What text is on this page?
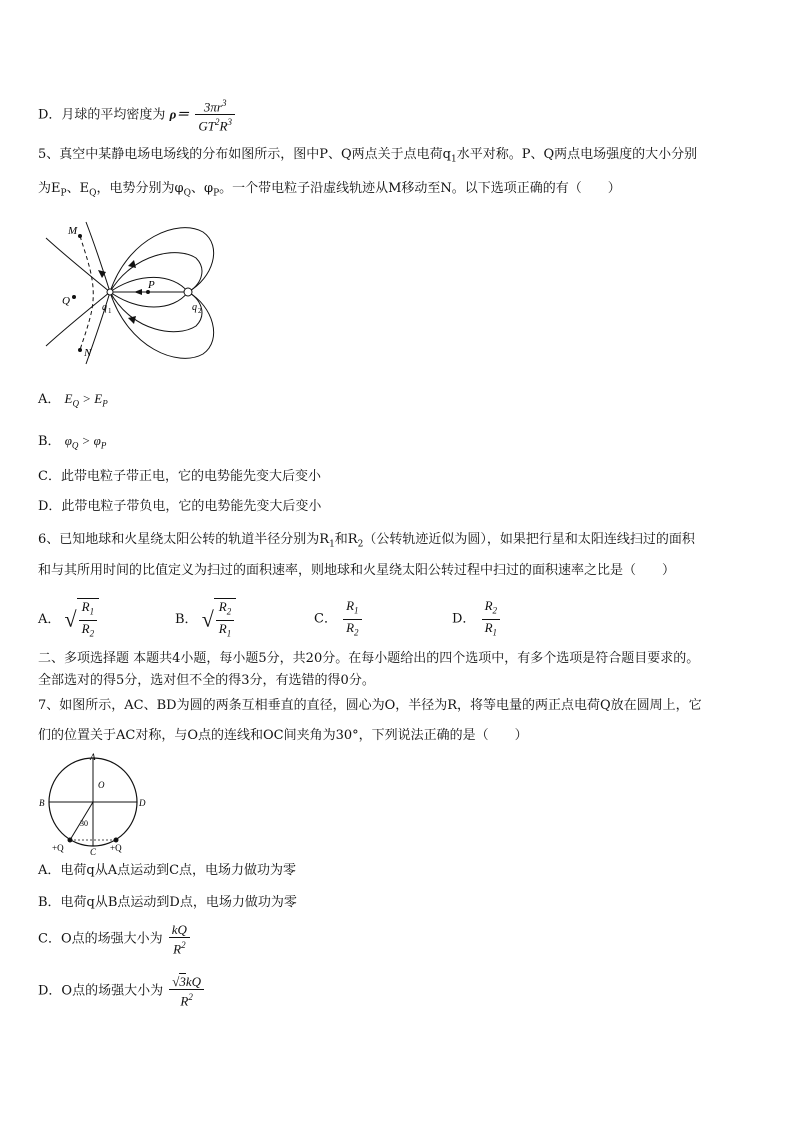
D．月球的平均密度为 $\rho= \frac{3\pi r^3}{GT^2R^3}$
5、真空中某静电场电场线的分布如图所示，图中P、Q两点关于点电荷$q_1$水平对称。P、Q两点电场强度的大小分别
为$E_P$、$E_Q$，电势分别为$\varphi_Q$、$\varphi_P$。一个带电粒子沿虚线轨迹从M移动至N。以下选项正确的有（　　）
M
Q
P
q 1	q 2
N
A． $E_Q > E_P$
B． $\varphi_Q > \varphi_P$
C．此带电粒子带正电，它的电势能先变大后变小
D．此带电粒子带负电，它的电势能先变大后变小
6、已知地球和火星绕太阳公转的轨道半径分别为$R_1$和$R_2$（公转轨迹近似为圆），如果把行星和太阳连线扫过的面积
和与其所用时间的比值定义为扫过的面积速率，则地球和火星绕太阳公转过程中扫过的面积速率之比是（　　）
A． √ $\frac{R_1}{R_2}$	B． √ $\frac{R_2}{R_1}$	C． $\frac{R_1}{R_2}$	D． $\frac{R_2}{R_1}$
二、多项选择题 本题共4小题，每小题5分，共20分。在每小题给出的四个选项中，有多个选项是符合题目要求的。
全部选对的得5分，选对但不全的得3分，有选错的得0分。
7、如图所示，AC、BD为圆的两条互相垂直的直径，圆心为O，半径为R，将等电量的两正点电荷Q放在圆周上，它
们的位置关于AC对称，与O点的连线和OC间夹角为30°，下列说法正确的是（　　）
A
B	D
C
O
30
+Q	+Q
A．电荷q从A点运动到C点，电场力做功为零
B．电荷q从B点运动到D点，电场力做功为零
C．O点的场强大小为 $\frac{kQ}{R^2}$
D．O点的场强大小为 $\frac{√3kQ}{R^2}$
